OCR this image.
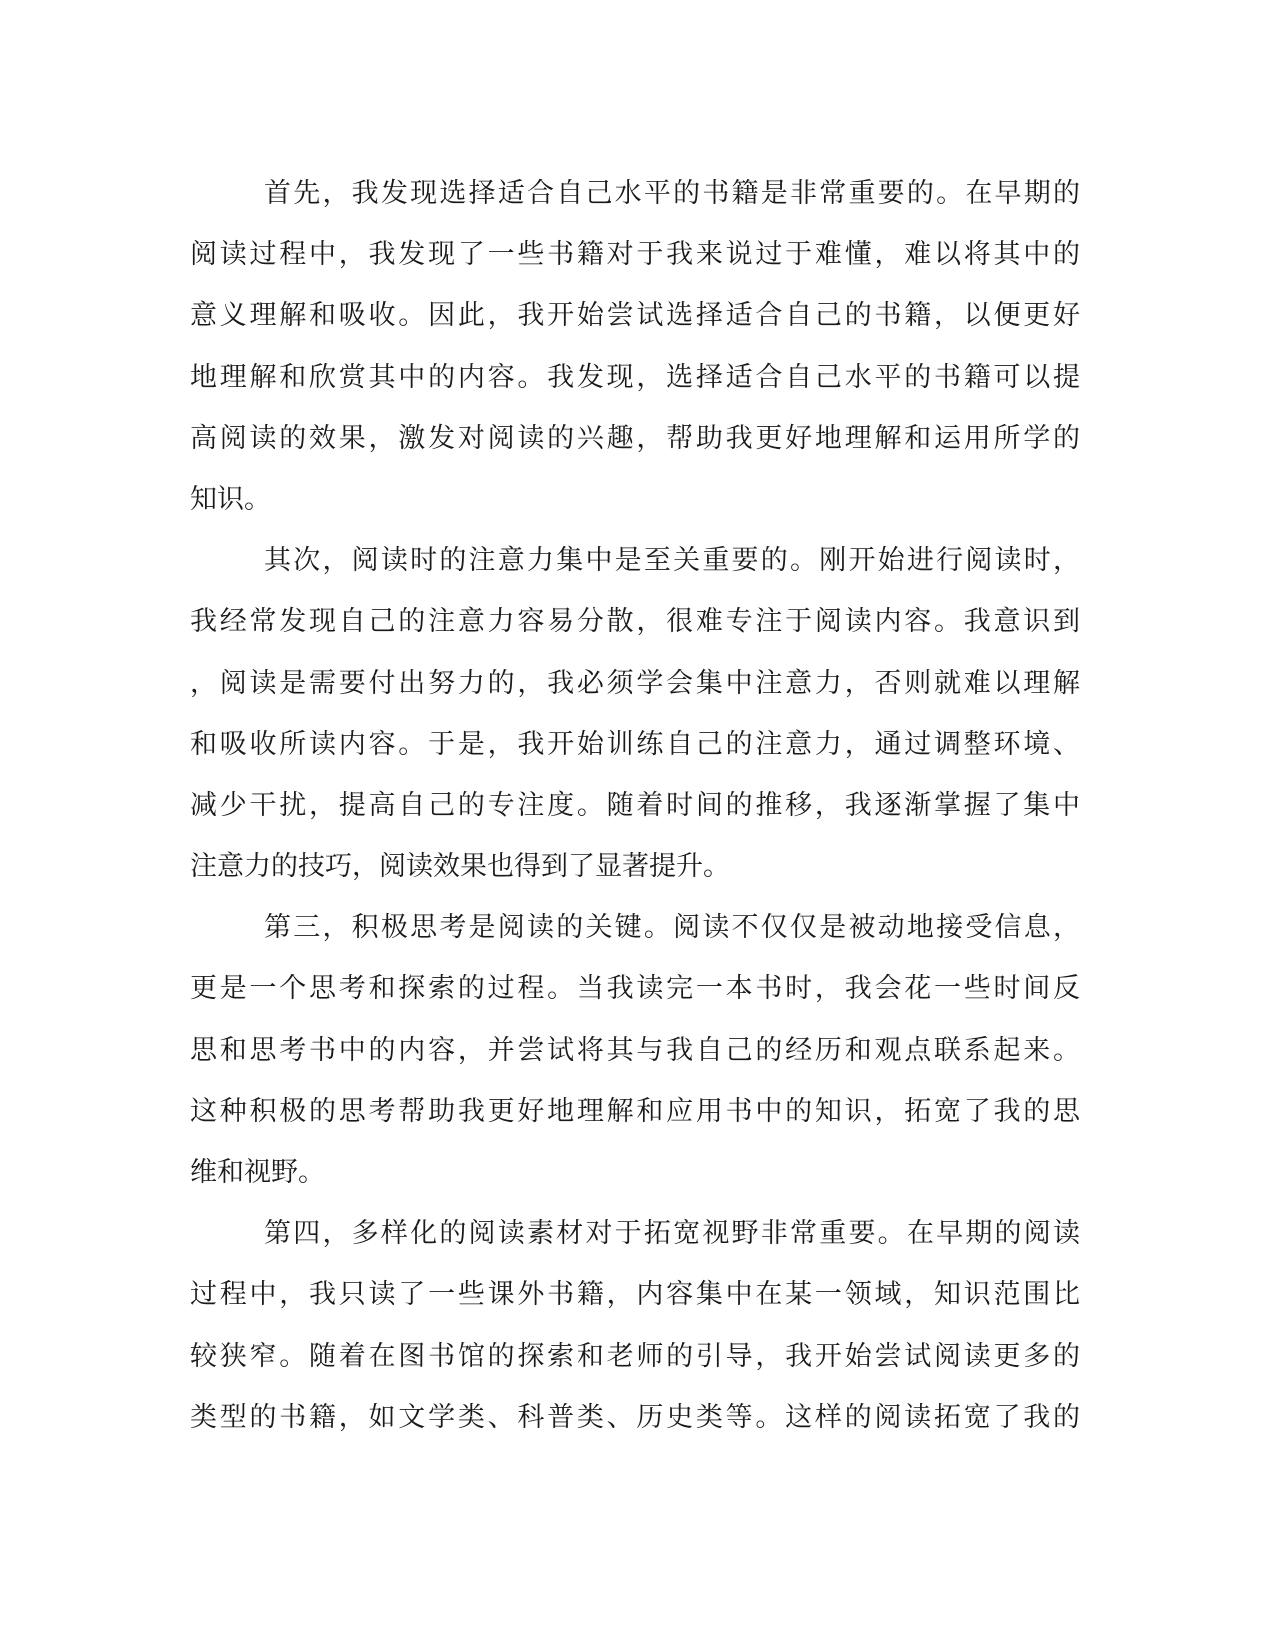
首先，我发现选择适合自己水平的书籍是非常重要的。在早期的
阅读过程中，我发现了一些书籍对于我来说过于难懂，难以将其中的
意义理解和吸收。因此，我开始尝试选择适合自己的书籍，以便更好
地理解和欣赏其中的内容。我发现，选择适合自己水平的书籍可以提
高阅读的效果，激发对阅读的兴趣，帮助我更好地理解和运用所学的
知识。
其次，阅读时的注意力集中是至关重要的。刚开始进行阅读时，
我经常发现自己的注意力容易分散，很难专注于阅读内容。我意识到
，阅读是需要付出努力的，我必须学会集中注意力，否则就难以理解
和吸收所读内容。于是，我开始训练自己的注意力，通过调整环境、
减少干扰，提高自己的专注度。随着时间的推移，我逐渐掌握了集中
注意力的技巧，阅读效果也得到了显著提升。
第三，积极思考是阅读的关键。阅读不仅仅是被动地接受信息，
更是一个思考和探索的过程。当我读完一本书时，我会花一些时间反
思和思考书中的内容，并尝试将其与我自己的经历和观点联系起来。
这种积极的思考帮助我更好地理解和应用书中的知识，拓宽了我的思
维和视野。
第四，多样化的阅读素材对于拓宽视野非常重要。在早期的阅读
过程中，我只读了一些课外书籍，内容集中在某一领域，知识范围比
较狭窄。随着在图书馆的探索和老师的引导，我开始尝试阅读更多的
类型的书籍，如文学类、科普类、历史类等。这样的阅读拓宽了我的
